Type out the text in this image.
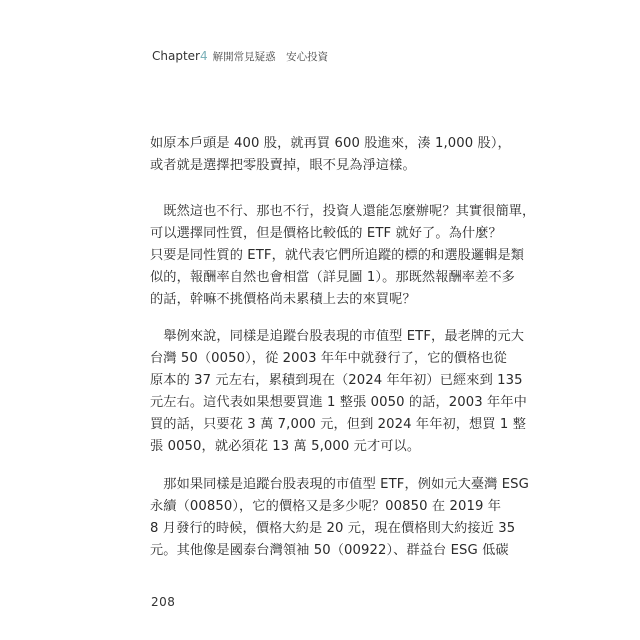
Chapter 4 解開常見疑惑　安心投資
如原本戶頭是 400 股，就再買 600 股進來，湊 1,000 股），
或者就是選擇把零股賣掉，眼不見為淨這樣。
　既然這也不行、那也不行，投資人還能怎麼辦呢？其實很簡單，
可以選擇同性質，但是價格比較低的 ETF 就好了。為什麼？
只要是同性質的 ETF，就代表它們所追蹤的標的和選股邏輯是類
似的，報酬率自然也會相當（詳見圖 1）。那既然報酬率差不多
的話，幹嘛不挑價格尚未累積上去的來買呢？
　舉例來說，同樣是追蹤台股表現的市值型 ETF，最老牌的元大
台灣 50（0050），從 2003 年年中就發行了，它的價格也從
原本的 37 元左右，累積到現在（2024 年年初）已經來到 135
元左右。這代表如果想要買進 1 整張 0050 的話，2003 年年中
買的話，只要花 3 萬 7,000 元，但到 2024 年年初，想買 1 整
張 0050，就必須花 13 萬 5,000 元才可以。
　那如果同樣是追蹤台股表現的市值型 ETF，例如元大臺灣 ESG
永續（00850），它的價格又是多少呢？00850 在 2019 年
8 月發行的時候，價格大約是 20 元，現在價格則大約接近 35
元。其他像是國泰台灣領袖 50（00922）、群益台 ESG 低碳
208
